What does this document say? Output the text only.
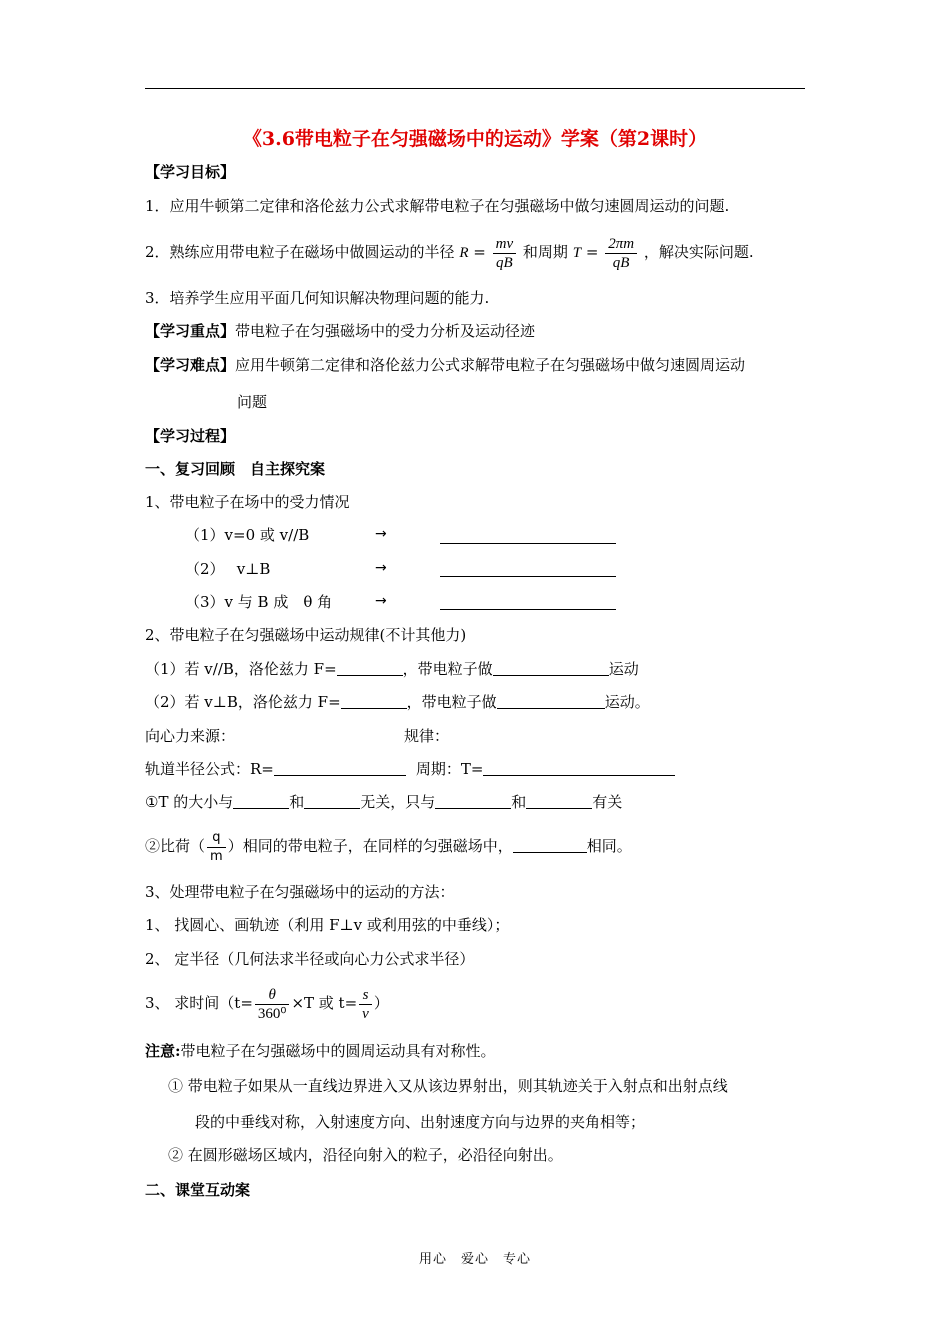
《3.6带电粒子在匀强磁场中的运动》学案（第2课时）
【学习目标】
1．应用牛顿第二定律和洛伦兹力公式求解带电粒子在匀强磁场中做匀速圆周运动的问题.
2．熟练应用带电粒子在磁场中做圆运动的半径 $R = \frac{mv}{qB}$ 和周期 $T = \frac{2\pi m}{qB}$ ，解决实际问题.
3．培养学生应用平面几何知识解决物理问题的能力.
【学习重点】带电粒子在匀强磁场中的受力分析及运动径迹
【学习难点】应用牛顿第二定律和洛伦兹力公式求解带电粒子在匀强磁场中做匀速圆周运动
问题
【学习过程】
一、复习回顾　自主探究案
1、带电粒子在场中的受力情况
（1）v=0 或 v//B	→
（2）　 v⊥B	→
（3）v 与 B 成　θ 角	→
2、带电粒子在匀强磁场中运动规律(不计其他力)
（1）若 v//B，洛伦兹力 F=	，带电粒子做	运动
（2）若 v⊥B，洛伦兹力 F=	，带电粒子做	运动。
向心力来源：	规律：
轨道半径公式：R=	周期：T=
①T 的大小与	和	无关，只与	和	有关
②比荷（ $\frac{q}{m}$ ）相同的带电粒子，在同样的匀强磁场中，	相同。
3、处理带电粒子在匀强磁场中的运动的方法：
1、 找圆心、画轨迹（利用 F⊥v 或利用弦的中垂线）；
2、 定半径（几何法求半径或向心力公式求半径）
3、 求时间（$t= \frac{\theta}{\text{360⁰}} \times T$ 或 $t= \frac{s}{v}$ ）
注意:带电粒子在匀强磁场中的圆周运动具有对称性。
① 带电粒子如果从一直线边界进入又从该边界射出，则其轨迹关于入射点和出射点线
段的中垂线对称，入射速度方向、出射速度方向与边界的夹角相等；
② 在圆形磁场区域内，沿径向射入的粒子，必沿径向射出。
二、课堂互动案
用心　爱心　专心
